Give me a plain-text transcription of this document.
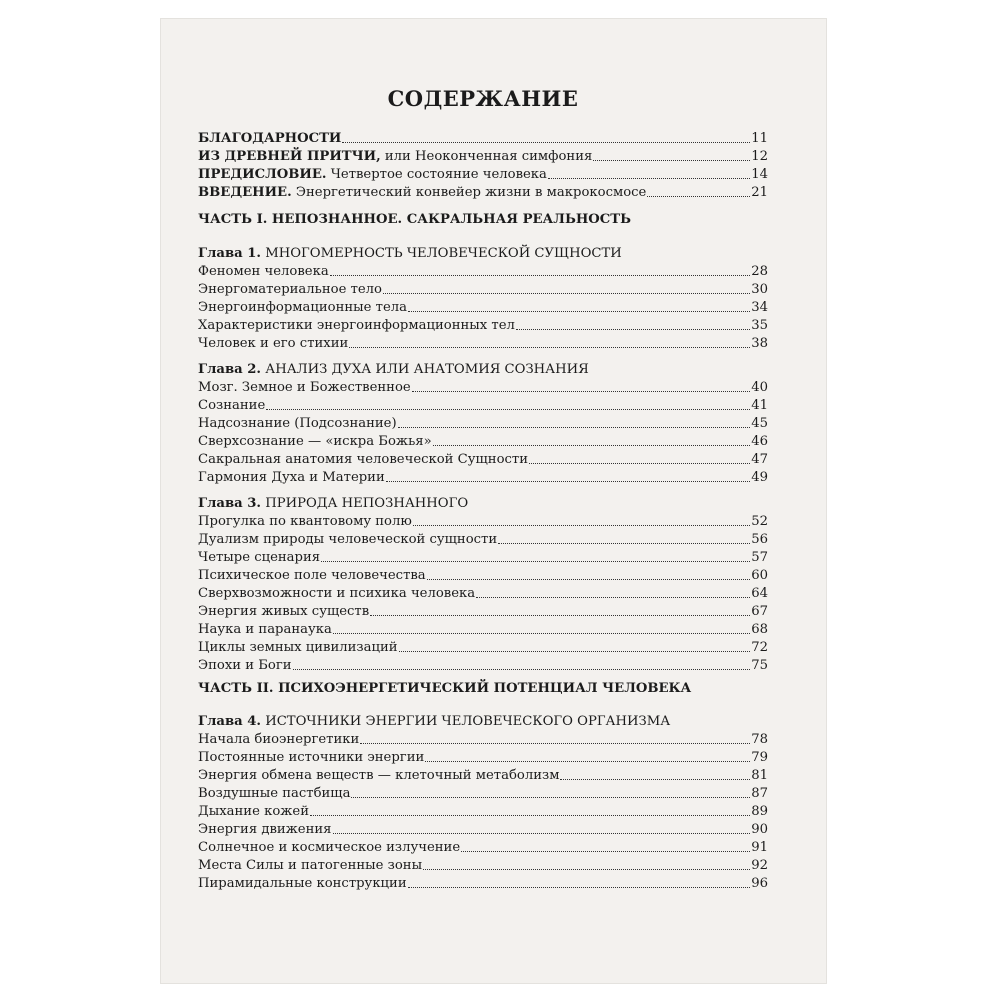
СОДЕРЖАНИЕ
БЛАГОДАРНОСТИ	11
ИЗ ДРЕВНЕЙ ПРИТЧИ, или Неоконченная симфония	12
ПРЕДИСЛОВИЕ. Четвертое состояние человека	14
ВВЕДЕНИЕ. Энергетический конвейер жизни в макрокосмосе	21
ЧАСТЬ I. НЕПОЗНАННОЕ. САКРАЛЬНАЯ РЕАЛЬНОСТЬ
Глава 1. МНОГОМЕРНОСТЬ ЧЕЛОВЕЧЕСКОЙ СУЩНОСТИ
Феномен человека	28
Энергоматериальное тело	30
Энергоинформационные тела	34
Характеристики энергоинформационных тел	35
Человек и его стихии	38
Глава 2. АНАЛИЗ ДУХА ИЛИ АНАТОМИЯ СОЗНАНИЯ
Мозг. Земное и Божественное	40
Сознание	41
Надсознание (Подсознание)	45
Сверхсознание — «искра Божья»	46
Сакральная анатомия человеческой Сущности	47
Гармония Духа и Материи	49
Глава 3. ПРИРОДА НЕПОЗНАННОГО
Прогулка по квантовому полю	52
Дуализм природы человеческой сущности	56
Четыре сценария	57
Психическое поле человечества	60
Сверхвозможности и психика человека	64
Энергия живых существ	67
Наука и паранаука	68
Циклы земных цивилизаций	72
Эпохи и Боги	75
ЧАСТЬ II. ПСИХОЭНЕРГЕТИЧЕСКИЙ ПОТЕНЦИАЛ ЧЕЛОВЕКА
Глава 4. ИСТОЧНИКИ ЭНЕРГИИ ЧЕЛОВЕЧЕСКОГО ОРГАНИЗМА
Начала биоэнергетики	78
Постоянные источники энергии	79
Энергия обмена веществ — клеточный метаболизм	81
Воздушные пастбища	87
Дыхание кожей	89
Энергия движения	90
Солнечное и космическое излучение	91
Места Силы и патогенные зоны	92
Пирамидальные конструкции	96
